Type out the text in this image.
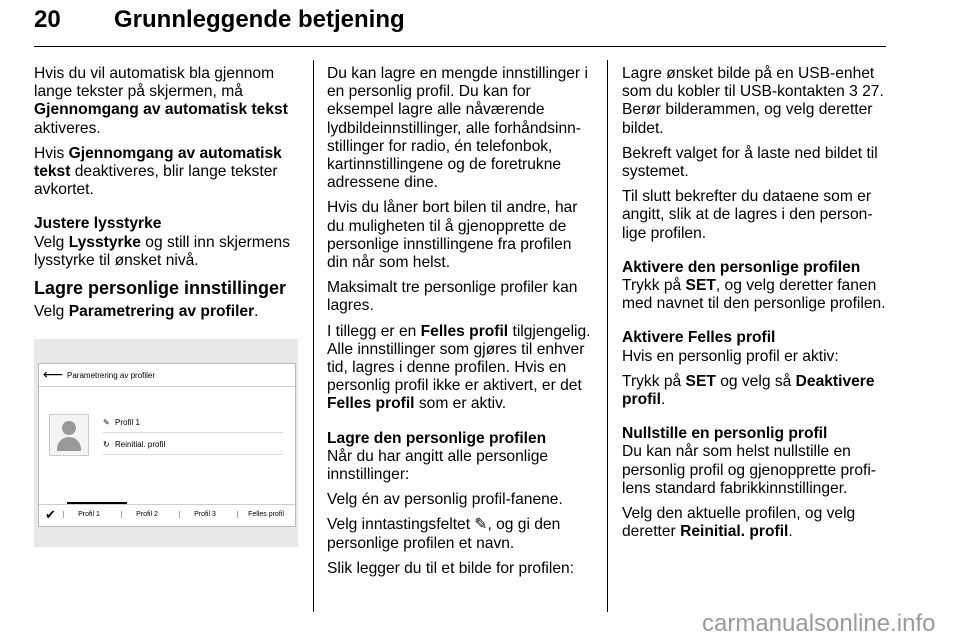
20 Grunnleggende betjening

Hvis du vil automatisk bla gjennom lange tekster på skjermen, må Gjennomgang av automatisk tekst aktiveres.

Hvis Gjennomgang av automatisk tekst deaktiveres, blir lange tekster avkortet.

Justere lysstyrke

Velg Lysstyrke og still inn skjermens lysstyrke til ønsket nivå.

Lagre personlige innstillinger

Velg Parametrering av profiler.

⟵ Parametrering av profiler
✎ Profil 1
↻ Reinitial. profil
✔	Profil 1	Profil 2	Profil 3	Felles profil

Du kan lagre en mengde innstillinger i en personlig profil. Du kan for eksempel lagre alle nåværende lydbildeinnstillinger, alle forhåndsinnstillinger for radio, én telefonbok, kartinnstillingene og de foretrukne adressene dine.

Hvis du låner bort bilen til andre, har du muligheten til å gjenopprette de personlige innstillingene fra profilen din når som helst.

Maksimalt tre personlige profiler kan lagres.

I tillegg er en Felles profil tilgjengelig. Alle innstillinger som gjøres til enhver tid, lagres i denne profilen. Hvis en personlig profil ikke er aktivert, er det Felles profil som er aktiv.

Lagre den personlige profilen

Når du har angitt alle personlige innstillinger:

Velg én av personlig profil-fanene.

Velg inntastingsfeltet ✎, og gi den personlige profilen et navn.

Slik legger du til et bilde for profilen:

Lagre ønsket bilde på en USB-enhet som du kobler til USB-kontakten 3 27. Berør bilderammen, og velg deretter bildet.

Bekreft valget for å laste ned bildet til systemet.

Til slutt bekrefter du dataene som er angitt, slik at de lagres i den personlige profilen.

Aktivere den personlige profilen

Trykk på SET, og velg deretter fanen med navnet til den personlige profilen.

Aktivere Felles profil

Hvis en personlig profil er aktiv:

Trykk på SET og velg så Deaktivere profil.

Nullstille en personlig profil

Du kan når som helst nullstille en personlig profil og gjenopprette profilens standard fabrikkinnstillinger.

Velg den aktuelle profilen, og velg deretter Reinitial. profil.

carmanualsonline.info
